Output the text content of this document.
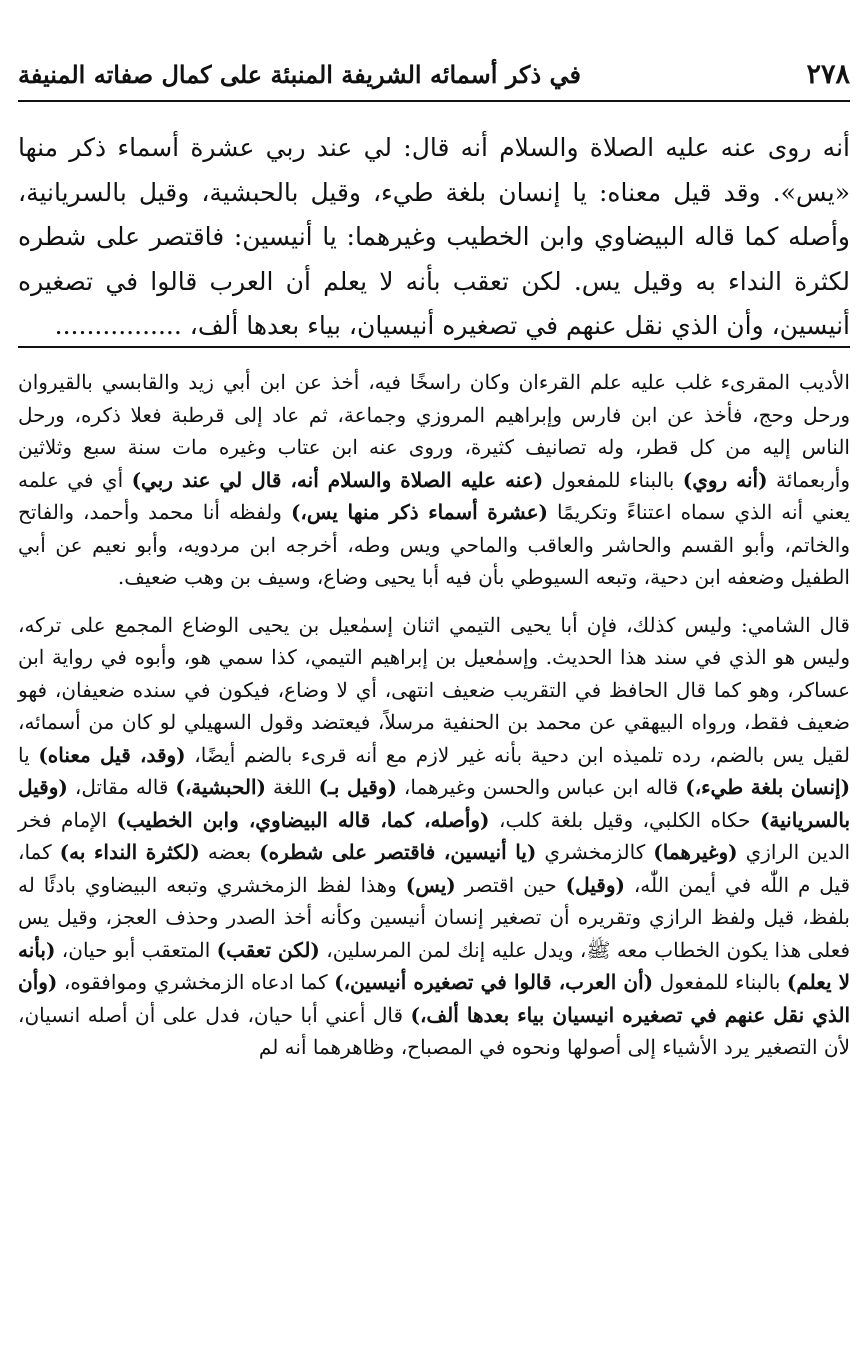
٢٧٨
في ذكر أسمائه الشريفة المنبئة على كمال صفاته المنيفة

أنه روى عنه عليه الصلاة والسلام أنه قال: لي عند ربي عشرة أسماء ذكر منها «يس». وقد قيل معناه: يا إنسان بلغة طيء، وقيل بالحبشية، وقيل بالسريانية، وأصله كما قاله البيضاوي وابن الخطيب وغيرهما: يا أنيسين: فاقتصر على شطره لكثرة النداء به وقيل يس. لكن تعقب بأنه لا يعلم أن العرب قالوا في تصغيره أنيسين، وأن الذي نقل عنهم في تصغيره أنيسيان، بياء بعدها ألف، ................

الأديب المقرىء غلب عليه علم القرءان وكان راسخًا فيه، أخذ عن ابن أبي زيد والقابسي بالقيروان ورحل وحج، فأخذ عن ابن فارس وإبراهيم المروزي وجماعة، ثم عاد إلى قرطبة فعلا ذكره، ورحل الناس إليه من كل قطر، وله تصانيف كثيرة، وروى عنه ابن عتاب وغيره مات سنة سبع وثلاثين وأربعمائة (أنه روي) بالبناء للمفعول (عنه عليه الصلاة والسلام أنه، قال لي عند ربي) أي في علمه يعني أنه الذي سماه اعتناءً وتكريمًا (عشرة أسماء ذكر منها يس،) ولفظه أنا محمد وأحمد، والفاتح والخاتم، وأبو القسم والحاشر والعاقب والماحي ويس وطه، أخرجه ابن مردويه، وأبو نعيم عن أبي الطفيل وضعفه ابن دحية، وتبعه السيوطي بأن فيه أبا يحيى وضاع، وسيف بن وهب ضعيف.

قال الشامي: وليس كذلك، فإن أبا يحيى التيمي اثنان إسمٰعيل بن يحيى الوضاع المجمع على تركه، وليس هو الذي في سند هذا الحديث. وإسمٰعيل بن إبراهيم التيمي، كذا سمي هو، وأبوه في رواية ابن عساكر، وهو كما قال الحافظ في التقريب ضعيف انتهى، أي لا وضاع، فيكون في سنده ضعيفان، فهو ضعيف فقط، ورواه البيهقي عن محمد بن الحنفية مرسلاً، فيعتضد وقول السهيلي لو كان من أسمائه، لقيل يس بالضم، رده تلميذه ابن دحية بأنه غير لازم مع أنه قرىء بالضم أيضًا، (وقد، قيل معناه) يا (إنسان بلغة طيء،) قاله ابن عباس والحسن وغيرهما، (وقيل بـ) اللغة (الحبشية،) قاله مقاتل، (وقيل بالسريانية) حكاه الكلبي، وقيل بلغة كلب، (وأصله، كما، قاله البيضاوي، وابن الخطيب) الإمام فخر الدين الرازي (وغيرهما) كالزمخشري (يا أنيسين، فاقتصر على شطره) بعضه (لكثرة النداء به) كما، قيل م اللّٰه في أيمن اللّٰه، (وقيل) حين اقتصر (يس) وهذا لفظ الزمخشري وتبعه البيضاوي بادئًا له بلفظ، قيل ولفظ الرازي وتقريره أن تصغير إنسان أنيسين وكأنه أخذ الصدر وحذف العجز، وقيل يس فعلى هذا يكون الخطاب معه ﷺ، ويدل عليه إنك لمن المرسلين، (لكن تعقب) المتعقب أبو حيان، (بأنه لا يعلم) بالبناء للمفعول (أن العرب، قالوا في تصغيره أنيسين،) كما ادعاه الزمخشري وموافقوه، (وأن الذي نقل عنهم في تصغيره انيسيان بياء بعدها ألف،) قال أعني أبا حيان، فدل على أن أصله انسيان، لأن التصغير يرد الأشياء إلى أصولها ونحوه في المصباح، وظاهرهما أنه لم
